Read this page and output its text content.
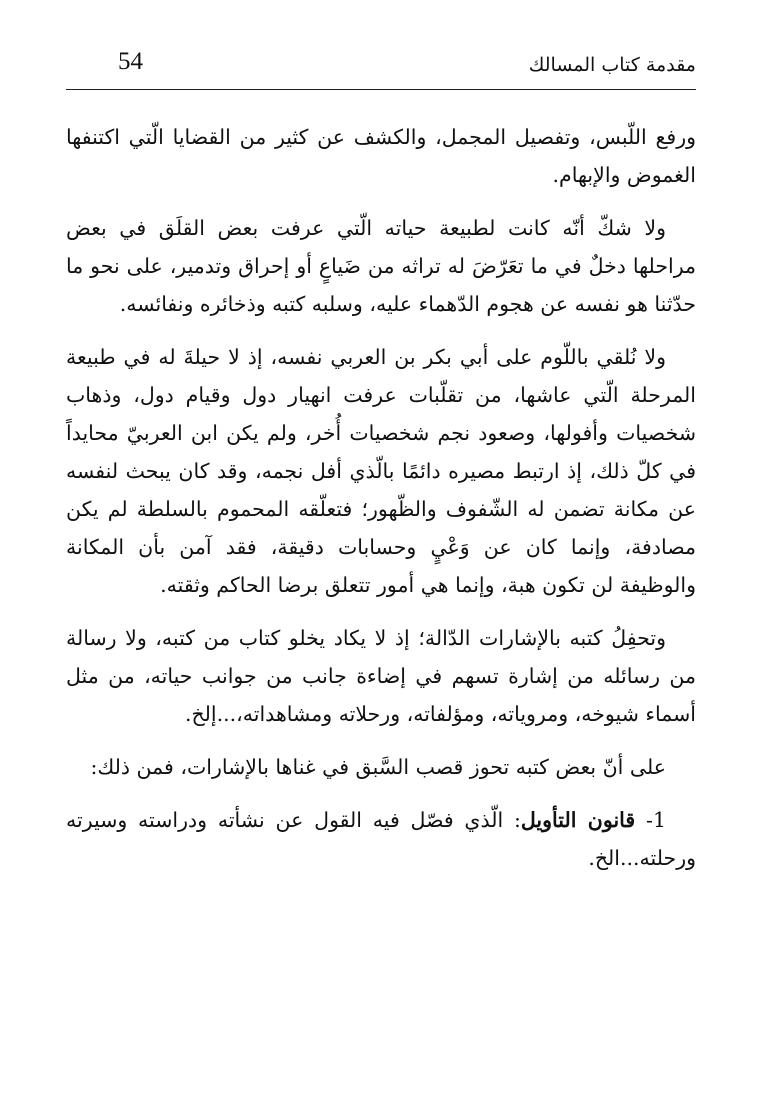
مقدمة كتاب المسالك
54

ورفع اللّبس، وتفصيل المجمل، والكشف عن كثير من القضايا الّتي اكتنفها الغموض والإبهام.

ولا شكّ أنّه كانت لطبيعة حياته الّتي عرفت بعض القلَق في بعض مراحلها دخلٌ في ما تعَرّضَ له تراثه من ضَياعٍ أو إحراق وتدمير، على نحو ما حدّثنا هو نفسه عن هجوم الدّهماء عليه، وسلبه كتبه وذخائره ونفائسه.

ولا نُلقي باللّوم على أبي بكر بن العربي نفسه، إذ لا حيلةَ له في طبيعة المرحلة الّتي عاشها، من تقلّبات عرفت انهيار دول وقيام دول، وذهاب شخصيات وأفولها، وصعود نجم شخصيات أُخر، ولم يكن ابن العربيّ محايداً في كلّ ذلك، إذ ارتبط مصيره دائمًا بالّذي أفل نجمه، وقد كان يبحث لنفسه عن مكانة تضمن له الشّفوف والظّهور؛ فتعلّقه المحموم بالسلطة لم يكن مصادفة، وإنما كان عن وَعْيٍ وحسابات دقيقة، فقد آمن بأن المكانة والوظيفة لن تكون هبة، وإنما هي أمور تتعلق برضا الحاكم وثقته.

وتحفِلُ كتبه بالإشارات الدّالة؛ إذ لا يكاد يخلو كتاب من كتبه، ولا رسالة من رسائله من إشارة تسهم في إضاءة جانب من جوانب حياته، من مثل أسماء شيوخه، ومروياته، ومؤلفاته، ورحلاته ومشاهداته،...إلخ.

على أنّ بعض كتبه تحوز قصب السَّبق في غناها بالإشارات، فمن ذلك:

1- قانون التأويل: الّذي فصّل فيه القول عن نشأته ودراسته وسيرته ورحلته...الخ.
